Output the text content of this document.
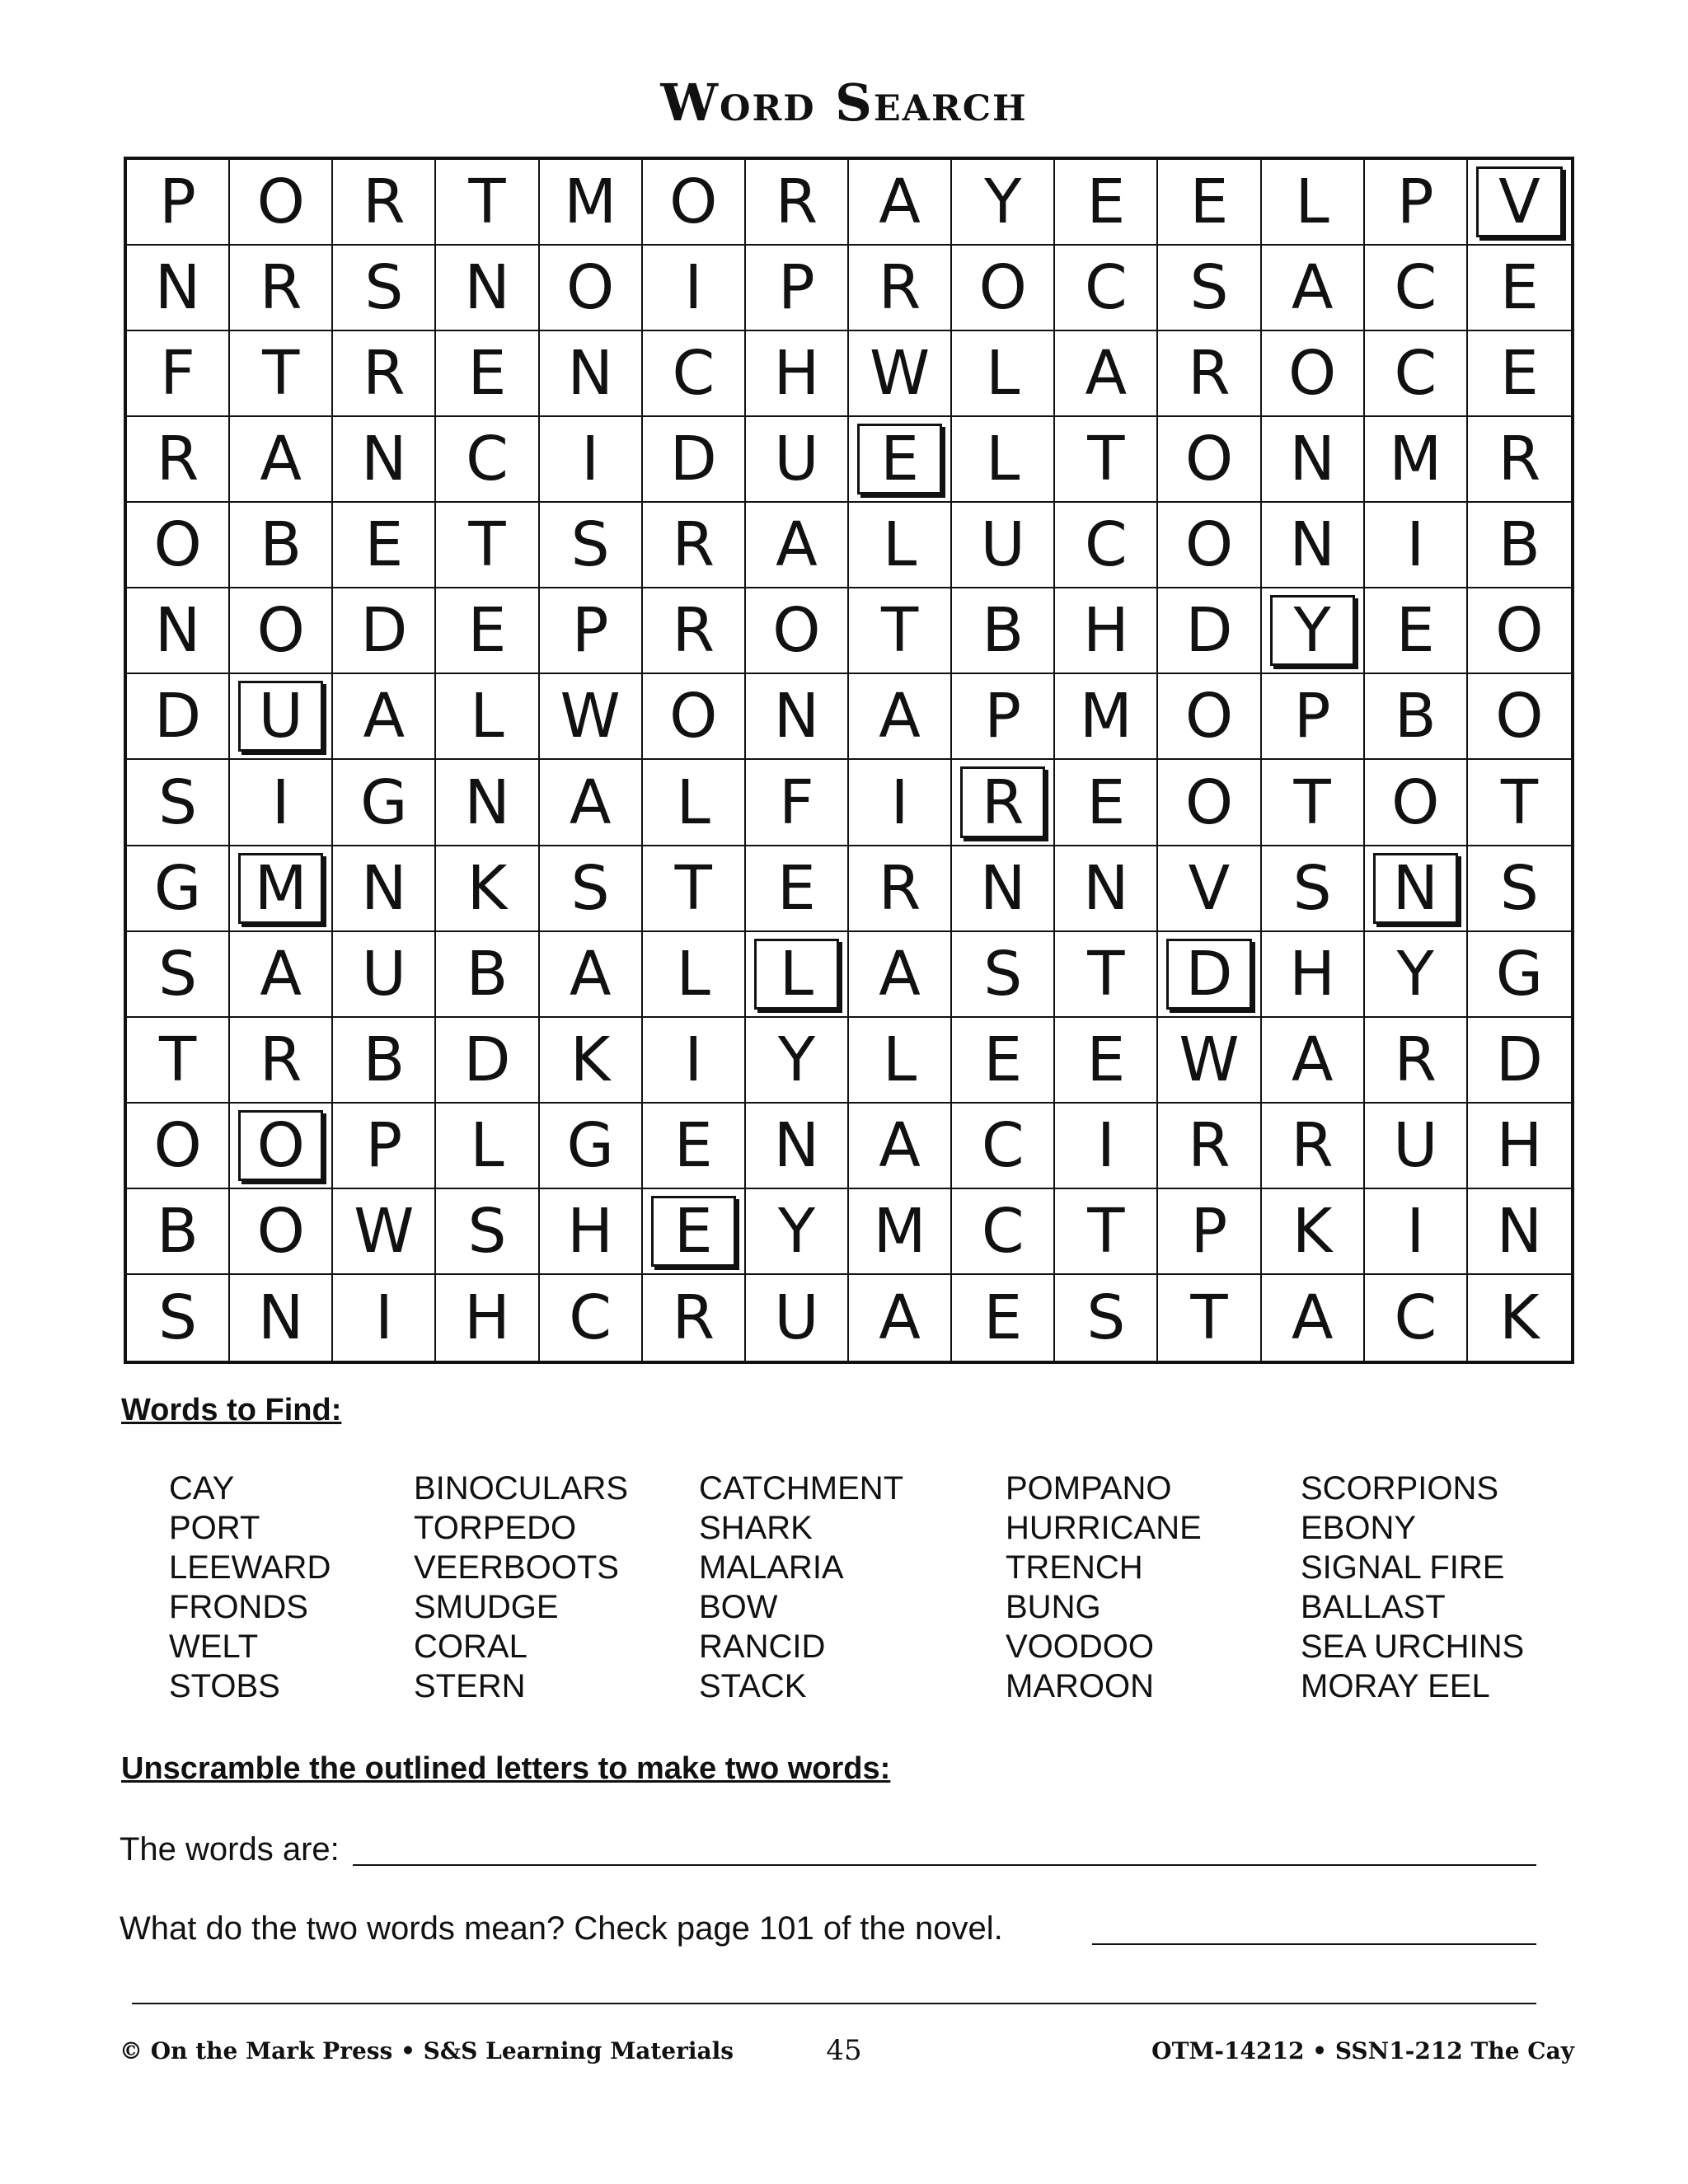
Word Search
P O R T M O R A Y E E L P V
N R S N O I P R O C S A C E
F T R E N C H W L A R O C E
R A N C I D U E L T O N M R
O B E T S R A L U C O N I B
N O D E P R O T B H D Y E O
D U A L W O N A P M O P B O
S I G N A L F I R E O T O T
G M N K S T E R N N V S N S
S A U B A L L A S T D H Y G
T R B D K I Y L E E W A R D
O O P L G E N A C I R R U H
B O W S H E Y M C T P K I N
S N I H C R U A E S T A C K
Words to Find:
CAY
PORT
LEEWARD
FRONDS
WELT
STOBS
BINOCULARS
TORPEDO
VEERBOOTS
SMUDGE
CORAL
STERN
CATCHMENT
SHARK
MALARIA
BOW
RANCID
STACK
POMPANO
HURRICANE
TRENCH
BUNG
VOODOO
MAROON
SCORPIONS
EBONY
SIGNAL FIRE
BALLAST
SEA URCHINS
MORAY EEL
Unscramble the outlined letters to make two words:
The words are:
What do the two words mean? Check page 101 of the novel.
© On the Mark Press • S&S Learning Materials	45	OTM-14212 • SSN1-212 The Cay
